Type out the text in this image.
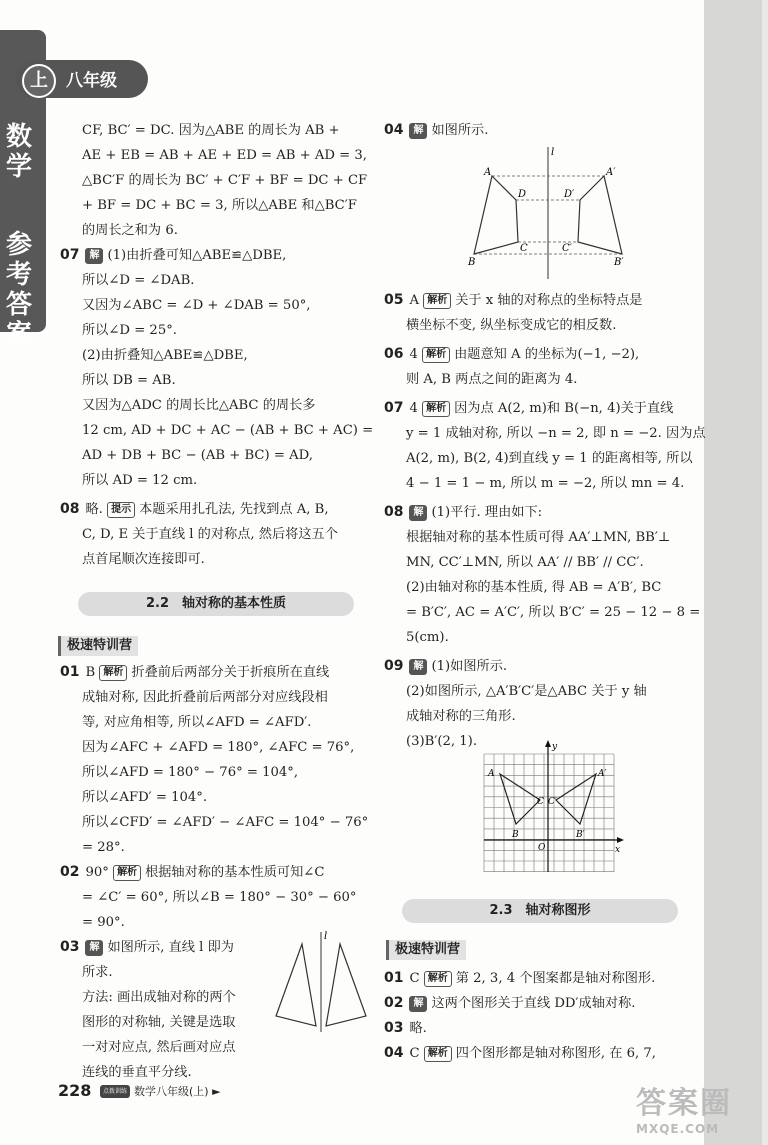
数
学
参
考
答
案
上	八年级
CF, BC′ = DC. 因为△ABE 的周长为 AB +
AE + EB = AB + AE + ED = AB + AD = 3,
△BC′F 的周长为 BC′ + C′F + BF = DC + CF
+ BF = DC + BC = 3, 所以△ABE 和△BC′F
的周长之和为 6.
07 解 (1)由折叠可知△ABE≌△DBE,
所以∠D = ∠DAB.
又因为∠ABC = ∠D + ∠DAB = 50°,
所以∠D = 25°.
(2)由折叠知△ABE≌△DBE,
所以 DB = AB.
又因为△ADC 的周长比△ABC 的周长多
12 cm, AD + DC + AC − (AB + BC + AC) =
AD + DB + BC − (AB + BC) = AD,
所以 AD = 12 cm.
08 略. 提示 本题采用扎孔法, 先找到点 A, B,
C, D, E 关于直线 l 的对称点, 然后将这五个
点首尾顺次连接即可.
2.2　轴对称的基本性质
极速特训营
01 B 解析 折叠前后两部分关于折痕所在直线
成轴对称, 因此折叠前后两部分对应线段相
等, 对应角相等, 所以∠AFD = ∠AFD′.
因为∠AFC + ∠AFD = 180°, ∠AFC = 76°,
所以∠AFD = 180° − 76° = 104°,
所以∠AFD′ = 104°.
所以∠CFD′ = ∠AFD′ − ∠AFC = 104° − 76°
= 28°.
02 90° 解析 根据轴对称的基本性质可知∠C
= ∠C′ = 60°, 所以∠B = 180° − 30° − 60°
= 90°.
03 解 如图所示, 直线 l 即为
所求.
方法: 画出成轴对称的两个
图形的对称轴, 关键是选取
一对对应点, 然后画对应点
连线的垂直平分线.
l
04 解 如图所示.
l
A	A′
D	D′
C	C′
B	B′
05 A 解析 关于 x 轴的对称点的坐标特点是
横坐标不变, 纵坐标变成它的相反数.
06 4 解析 由题意知 A 的坐标为(−1, −2),
则 A, B 两点之间的距离为 4.
07 4 解析 因为点 A(2, m)和 B(−n, 4)关于直线
y = 1 成轴对称, 所以 −n = 2, 即 n = −2. 因为点
A(2, m), B(2, 4)到直线 y = 1 的距离相等, 所以
4 − 1 = 1 − m, 所以 m = −2, 所以 mn = 4.
08 解 (1)平行. 理由如下:
根据轴对称的基本性质可得 AA′⊥MN, BB′⊥
MN, CC′⊥MN, 所以 AA′ // BB′ // CC′.
(2)由轴对称的基本性质, 得 AB = A′B′, BC
= B′C′, AC = A′C′, 所以 B′C′ = 25 − 12 − 8 =
5(cm).
09 解 (1)如图所示.
(2)如图所示, △A′B′C′是△ABC 关于 y 轴
成轴对称的三角形.
(3)B′(2, 1).	y
x
O
A	A′
C C′
B	B′
2.3　轴对称图形
极速特训营
01 C 解析 第 2, 3, 4 个图案都是轴对称图形.
02 解 这两个图形关于直线 DD′成轴对称.
03 略.
04 C 解析 四个图形都是轴对称图形, 在 6, 7,
228	点拨训练 数学八年级(上) ►	答案圈
MXQE.COM
